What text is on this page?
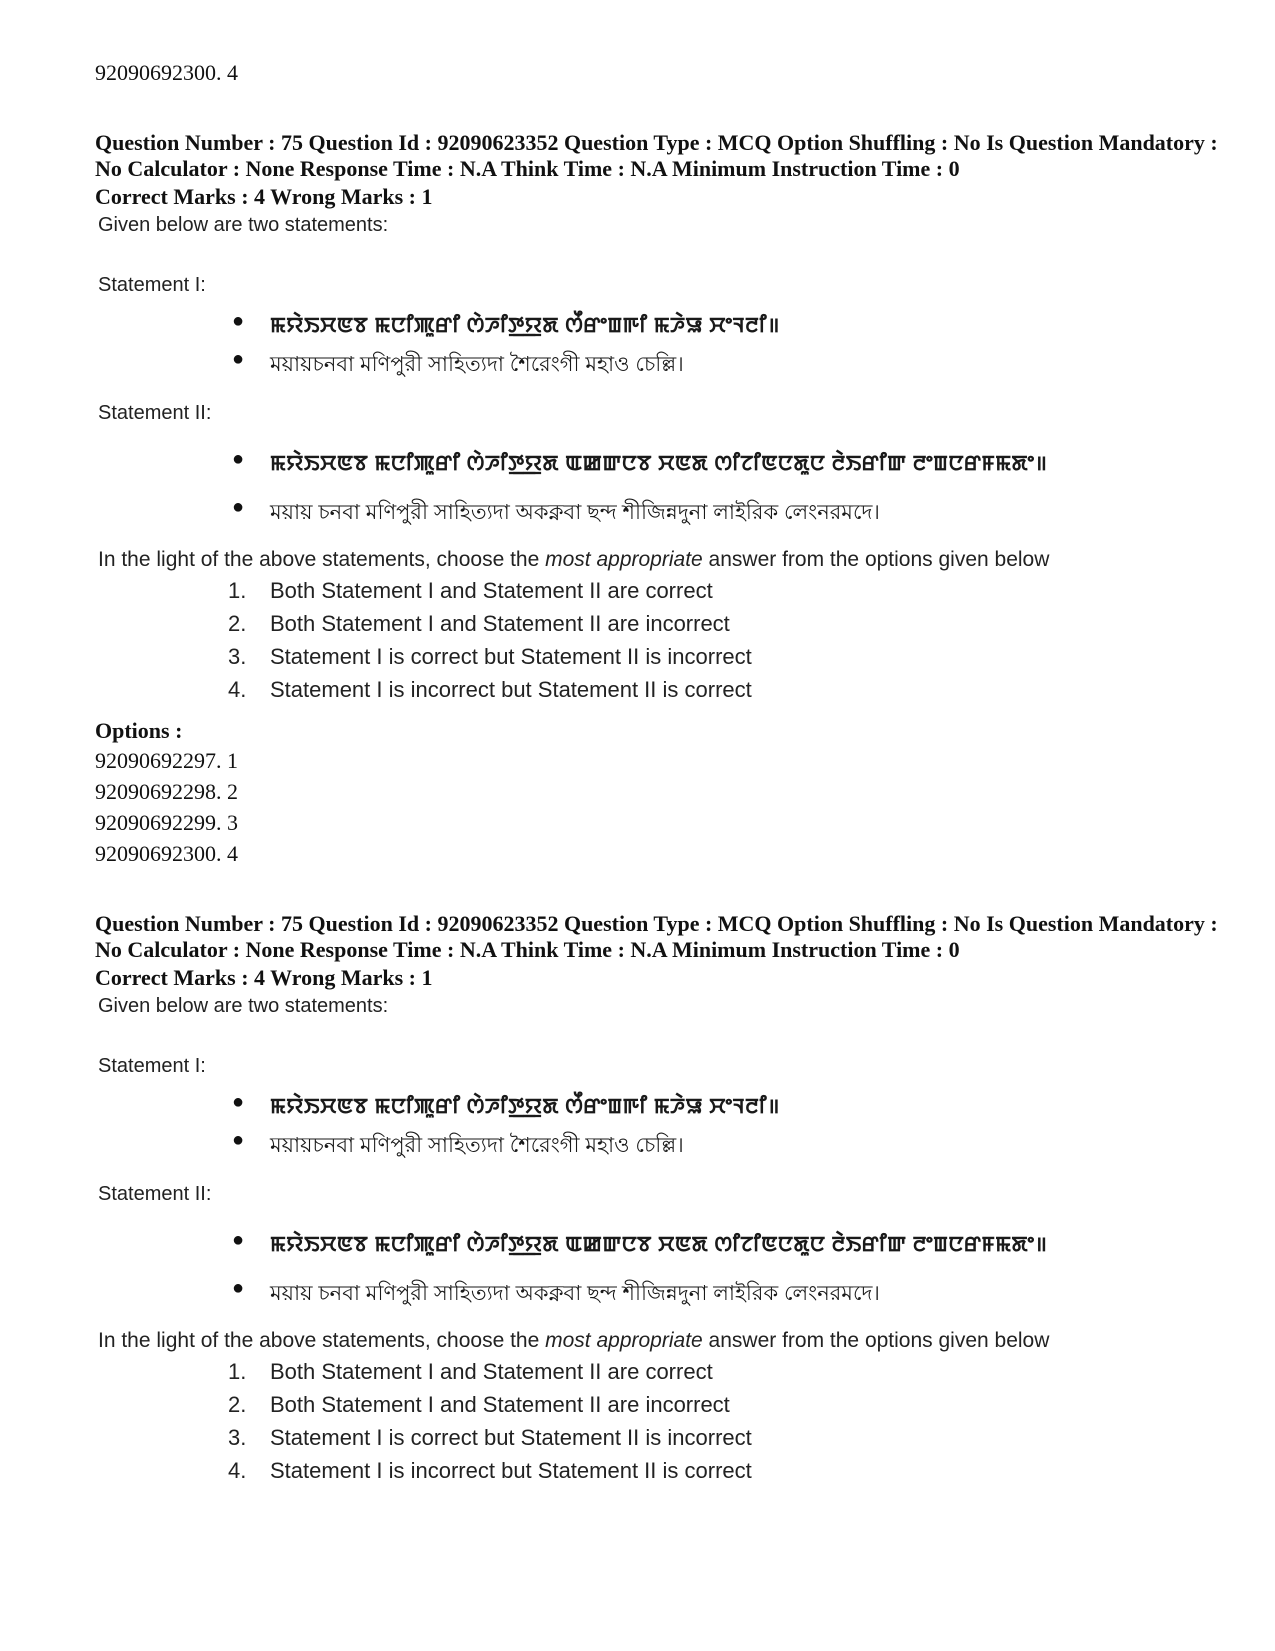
92090692300. 4
Question Number : 75 Question Id : 92090623352 Question Type : MCQ Option Shuffling : No Is Question Mandatory : No Calculator : None Response Time : N.A Think Time : N.A Minimum Instruction Time : 0
Correct Marks : 4 Wrong Marks : 1
Given below are two statements:
Statement I:
● ꯃꯌꯥꯏꯆꯟꯕ ꯃꯅꯤꯄꯨꯔꯤ ꯁꯥꯍꯤꯇ꯭ꯌꯗ ꯁꯩꯔꯦꯡꯒꯤ ꯃꯍꯥꯎ ꯆꯦꯜꯂꯤ॥
● ময়ায়চনবা মণিপুরী সাহিত্যদা শৈরেংগী মহাও চেল্লি।
Statement II:
● ꯃꯌꯥꯏꯆꯟꯕ ꯃꯅꯤꯄꯨꯔꯤ ꯁꯥꯍꯤꯇ꯭ꯌꯗ ꯑꯀꯛꯅꯕ ꯆꯟꯗ ꯁꯤꯖꯤꯟꯅꯗꯨꯅ ꯂꯥꯏꯔꯤꯛ ꯂꯦꯡꯅꯔꯝꯃꯗꯦ॥
● ময়ায় চনবা মণিপুরী সাহিত্যদা অকক্নবা ছন্দ শীজিন্নদুনা লাইরিক লেংনরমদে।
In the light of the above statements, choose the most appropriate answer from the options given below
1. Both Statement I and Statement II are correct
2. Both Statement I and Statement II are incorrect
3. Statement I is correct but Statement II is incorrect
4. Statement I is incorrect but Statement II is correct
Options :
92090692297. 1
92090692298. 2
92090692299. 3
92090692300. 4
Question Number : 75 Question Id : 92090623352 Question Type : MCQ Option Shuffling : No Is Question Mandatory : No Calculator : None Response Time : N.A Think Time : N.A Minimum Instruction Time : 0
Correct Marks : 4 Wrong Marks : 1
Given below are two statements:
Statement I:
● ꯃꯌꯥꯏꯆꯟꯕ ꯃꯅꯤꯄꯨꯔꯤ ꯁꯥꯍꯤꯇ꯭ꯌꯗ ꯁꯩꯔꯦꯡꯒꯤ ꯃꯍꯥꯎ ꯆꯦꯜꯂꯤ॥
● ময়ায়চনবা মণিপুরী সাহিত্যদা শৈরেংগী মহাও চেল্লি।
Statement II:
● ꯃꯌꯥꯏꯆꯟꯕ ꯃꯅꯤꯄꯨꯔꯤ ꯁꯥꯍꯤꯇ꯭ꯌꯗ ꯑꯀꯛꯅꯕ ꯆꯟꯗ ꯁꯤꯖꯤꯟꯅꯗꯨꯅ ꯂꯥꯏꯔꯤꯛ ꯂꯦꯡꯅꯔꯝꯃꯗꯦ॥
● ময়ায় চনবা মণিপুরী সাহিত্যদা অকক্নবা ছন্দ শীজিন্নদুনা লাইরিক লেংনরমদে।
In the light of the above statements, choose the most appropriate answer from the options given below
1. Both Statement I and Statement II are correct
2. Both Statement I and Statement II are incorrect
3. Statement I is correct but Statement II is incorrect
4. Statement I is incorrect but Statement II is correct
